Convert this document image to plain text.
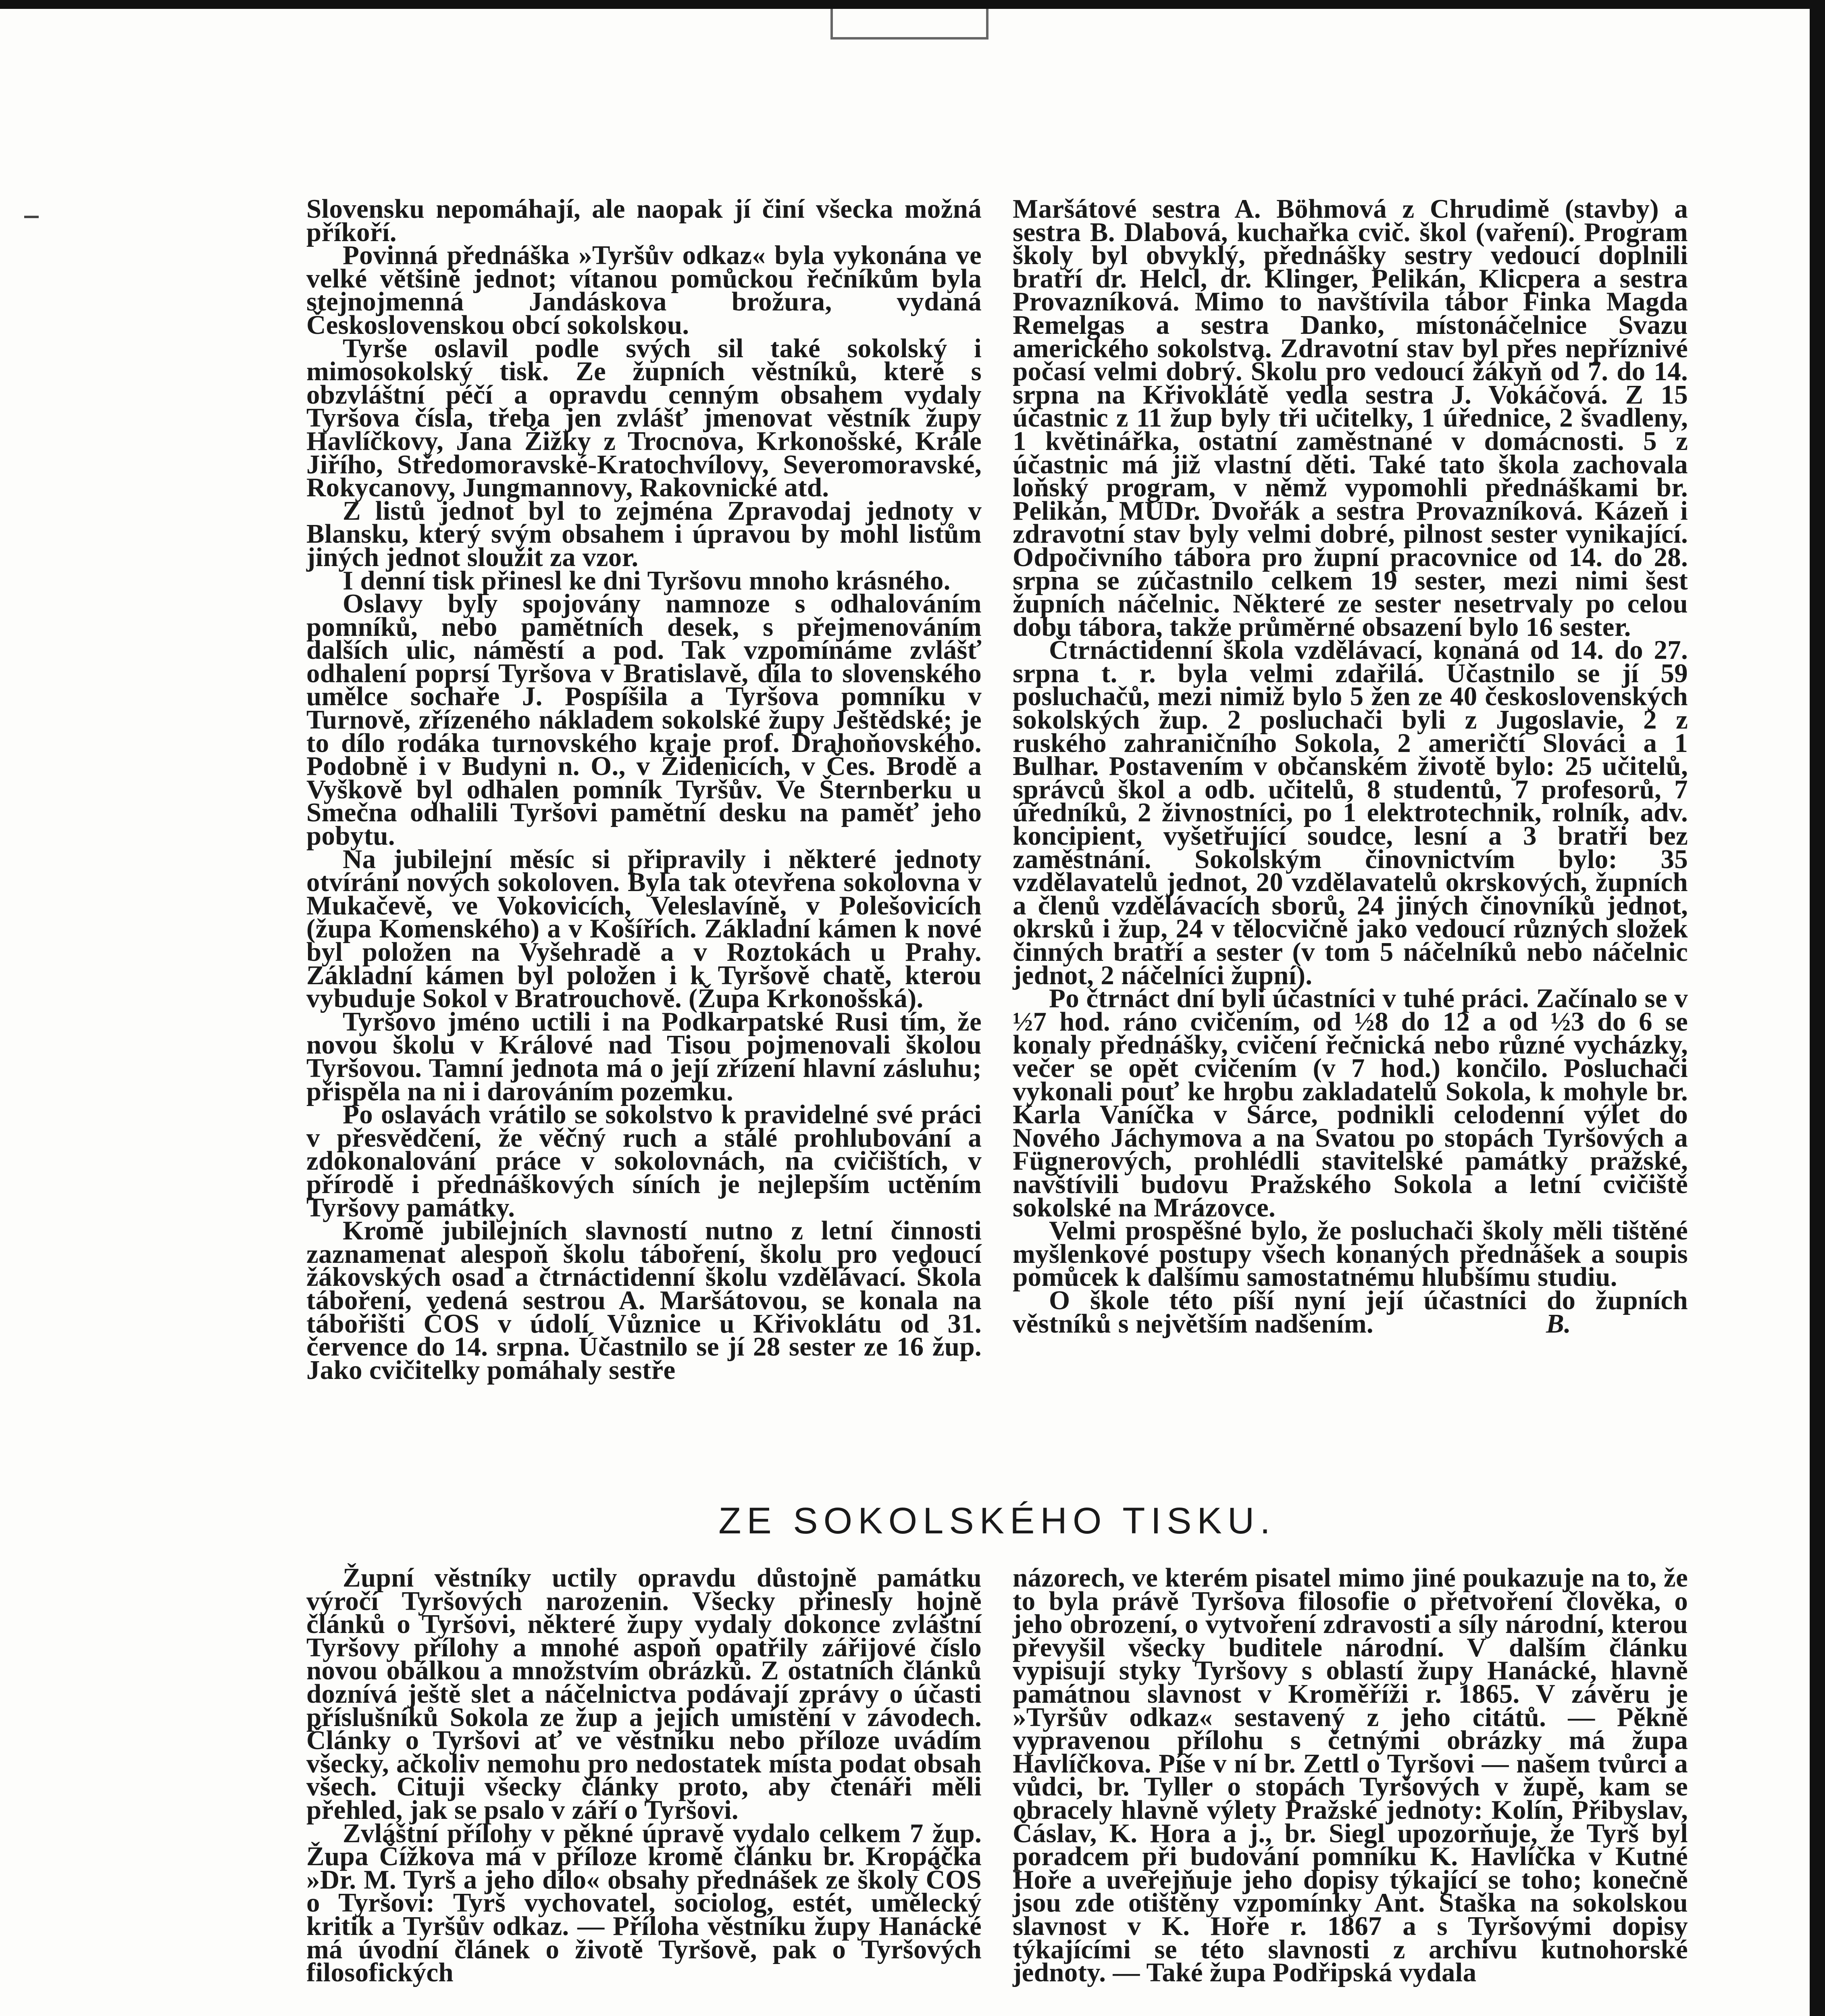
Slovensku nepomáhají, ale naopak jí činí všecka možná příkoří.

Povinná přednáška »Tyršův odkaz« byla vykonána ve velké většině jednot; vítanou pomůckou řečníkům byla stejnojmenná Jandáskova brožura, vydaná Československou obcí sokolskou.

Tyrše oslavil podle svých sil také sokolský i mimosokolský tisk. Ze župních věstníků, které s obzvláštní péčí a opravdu cenným obsahem vydaly Tyršova čísla, třeba jen zvlášť jmenovat věstník župy Havlíčkovy, Jana Žižky z Trocnova, Krkonošské, Krále Jiřího, Středomoravské-Kratochvílovy, Severomoravské, Rokycanovy, Jungmannovy, Rakovnické atd.

Z listů jednot byl to zejména Zpravodaj jednoty v Blansku, který svým obsahem i úpravou by mohl listům jiných jednot sloužit za vzor.

I denní tisk přinesl ke dni Tyršovu mnoho krásného.

Oslavy byly spojovány namnoze s odhalováním pomníků, nebo pamětních desek, s přejmenováním dalších ulic, náměstí a pod. Tak vzpomínáme zvlášť odhalení poprsí Tyršova v Bratislavě, díla to slovenského umělce sochaře J. Pospíšila a Tyršova pomníku v Turnově, zřízeného nákladem sokolské župy Ještědské; je to dílo rodáka turnovského kraje prof. Drahoňovského. Podobně i v Budyni n. O., v Židenicích, v Čes. Brodě a Vyškově byl odhalen pomník Tyršův. Ve Šternberku u Smečna odhalili Tyršovi pamětní desku na paměť jeho pobytu.

Na jubilejní měsíc si připravily i některé jednoty otvírání nových sokoloven. Byla tak otevřena sokolovna v Mukačevě, ve Vokovicích, Veleslavíně, v Polešovicích (župa Komenského) a v Košířích. Základní kámen k nové byl položen na Vyšehradě a v Roztokách u Prahy. Základní kámen byl položen i k Tyršově chatě, kterou vybuduje Sokol v Bratrouchově. (Župa Krkonošská).

Tyršovo jméno uctili i na Podkarpatské Rusi tím, že novou školu v Králové nad Tisou pojmenovali školou Tyršovou. Tamní jednota má o její zřízení hlavní zásluhu; přispěla na ni i darováním pozemku.

Po oslavách vrátilo se sokolstvo k pravidelné své práci v přesvědčení, že věčný ruch a stálé prohlubování a zdokonalování práce v sokolovnách, na cvičištích, v přírodě i přednáškových síních je nejlepším uctěním Tyršovy památky.

Kromě jubilejních slavností nutno z letní činnosti zaznamenat alespoň školu táboření, školu pro vedoucí žákovských osad a čtrnáctidenní školu vzdělávací. Škola táboření, vedená sestrou A. Maršátovou, se konala na tábořišti ČOS v údolí Vůznice u Křivoklátu od 31. července do 14. srpna. Účastnilo se jí 28 sester ze 16 žup. Jako cvičitelky pomáhaly sestře

Maršátové sestra A. Böhmová z Chrudimě (stavby) a sestra B. Dlabová, kuchařka cvič. škol (vaření). Program školy byl obvyklý, přednášky sestry vedoucí doplnili bratří dr. Helcl, dr. Klinger, Pelikán, Klicpera a sestra Provazníková. Mimo to navštívila tábor Finka Magda Remelgas a sestra Danko, místonáčelnice Svazu amerického sokolstva. Zdravotní stav byl přes nepříznivé počasí velmi dobrý. Školu pro vedoucí žákyň od 7. do 14. srpna na Křivoklátě vedla sestra J. Vokáčová. Z 15 účastnic z 11 žup byly tři učitelky, 1 úřednice, 2 švadleny, 1 květinářka, ostatní zaměstnané v domácnosti. 5 z účastnic má již vlastní děti. Také tato škola zachovala loňský program, v němž vypomohli přednáškami br. Pelikán, MUDr. Dvořák a sestra Provazníková. Kázeň i zdravotní stav byly velmi dobré, pilnost sester vynikající. Odpočivního tábora pro župní pracovnice od 14. do 28. srpna se zúčastnilo celkem 19 sester, mezi nimi šest župních náčelnic. Některé ze sester nesetrvaly po celou dobu tábora, takže průměrné obsazení bylo 16 sester.

Čtrnáctidenní škola vzdělávací, konaná od 14. do 27. srpna t. r. byla velmi zdařilá. Účastnilo se jí 59 posluchačů, mezi nimiž bylo 5 žen ze 40 československých sokolských žup. 2 posluchači byli z Jugoslavie, 2 z ruského zahraničního Sokola, 2 američtí Slováci a 1 Bulhar. Postavením v občanském životě bylo: 25 učitelů, správců škol a odb. učitelů, 8 studentů, 7 profesorů, 7 úředníků, 2 živnostníci, po 1 elektrotechnik, rolník, adv. koncipient, vyšetřující soudce, lesní a 3 bratři bez zaměstnání. Sokolským činovnictvím bylo: 35 vzdělavatelů jednot, 20 vzdělavatelů okrskových, župních a členů vzdělávacích sborů, 24 jiných činovníků jednot, okrsků i žup, 24 v tělocvičně jako vedoucí různých složek činných bratří a sester (v tom 5 náčelníků nebo náčelnic jednot, 2 náčelníci župní).

Po čtrnáct dní byli účastníci v tuhé práci. Začínalo se v ½7 hod. ráno cvičením, od ½8 do 12 a od ½3 do 6 se konaly přednášky, cvičení řečnická nebo různé vycházky, večer se opět cvičením (v 7 hod.) končilo. Posluchači vykonali pouť ke hrobu zakladatelů Sokola, k mohyle br. Karla Vaníčka v Šárce, podnikli celodenní výlet do Nového Jáchymova a na Svatou po stopách Tyršových a Fügnerových, prohlédli stavitelské památky pražské, navštívili budovu Pražského Sokola a letní cvičiště sokolské na Mrázovce.

Velmi prospěšné bylo, že posluchači školy měli tištěné myšlenkové postupy všech konaných přednášek a soupis pomůcek k dalšímu samostatnému hlubšímu studiu.

O škole této píší nyní její účastníci do župních věstníků s největším nadšením.	B.

ZE SOKOLSKÉHO TISKU.

Župní věstníky uctily opravdu důstojně památku výročí Tyršových narozenin. Všecky přinesly hojně článků o Tyršovi, některé župy vydaly dokonce zvláštní Tyršovy přílohy a mnohé aspoň opatřily zářijové číslo novou obálkou a množstvím obrázků. Z ostatních článků doznívá ještě slet a náčelnictva podávají zprávy o účasti příslušníků Sokola ze žup a jejich umístění v závodech. Články o Tyršovi ať ve věstníku nebo příloze uvádím všecky, ačkoliv nemohu pro nedostatek místa podat obsah všech. Cituji všecky články proto, aby čtenáři měli přehled, jak se psalo v září o Tyršovi.

Zvláštní přílohy v pěkné úpravě vydalo celkem 7 žup. Župa Čížkova má v příloze kromě článku br. Kropáčka »Dr. M. Tyrš a jeho dílo« obsahy přednášek ze školy ČOS o Tyršovi: Tyrš vychovatel, sociolog, estét, umělecký kritik a Tyršův odkaz. — Příloha věstníku župy Hanácké má úvodní článek o životě Tyršově, pak o Tyršových filosofických

názorech, ve kterém pisatel mimo jiné poukazuje na to, že to byla právě Tyršova filosofie o přetvoření člověka, o jeho obrození, o vytvoření zdravosti a síly národní, kterou převyšil všecky buditele národní. V dalším článku vypisují styky Tyršovy s oblastí župy Hanácké, hlavně památnou slavnost v Kroměříži r. 1865. V závěru je »Tyršův odkaz« sestavený z jeho citátů. — Pěkně vypravenou přílohu s četnými obrázky má župa Havlíčkova. Píše v ní br. Zettl o Tyršovi — našem tvůrci a vůdci, br. Tyller o stopách Tyršových v župě, kam se obracely hlavně výlety Pražské jednoty: Kolín, Přibyslav, Čáslav, K. Hora a j., br. Siegl upozorňuje, že Tyrš byl poradcem při budování pomníku K. Havlíčka v Kutné Hoře a uveřejňuje jeho dopisy týkající se toho; konečně jsou zde otištěny vzpomínky Ant. Staška na sokolskou slavnost v K. Hoře r. 1867 a s Tyršovými dopisy týkajícími se této slavnosti z archivu kutnohorské jednoty. — Také župa Podřipská vydala
